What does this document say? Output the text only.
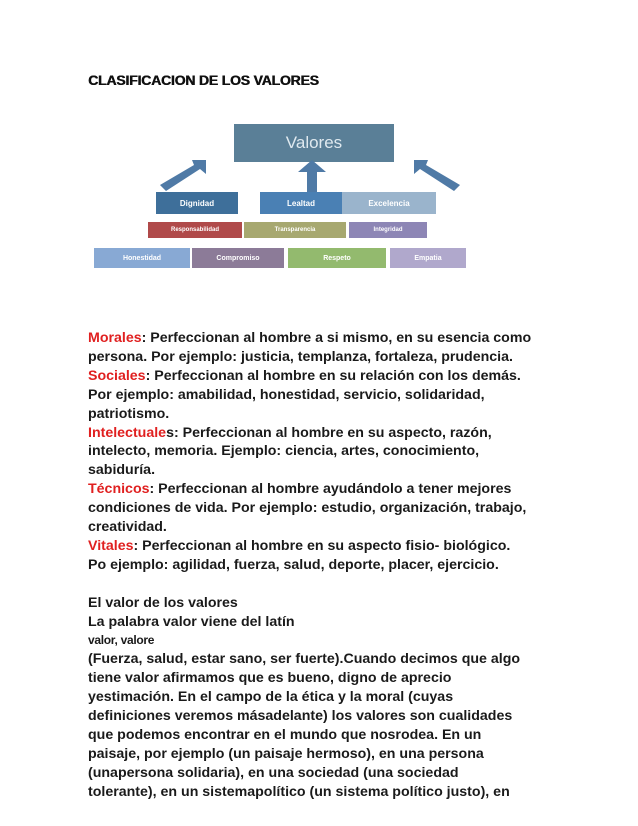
CLASIFICACION DE LOS VALORES
Valores
Dignidad	Lealtad	Excelencia
Responsabilidad	Transparencia	Integridad
Honestidad	Compromiso	Respeto	Empatia

Morales: Perfeccionan al hombre a si mismo, en su esencia como

persona. Por ejemplo: justicia, templanza, fortaleza, prudencia.

Sociales: Perfeccionan al hombre en su relación con los demás.

Por ejemplo: amabilidad, honestidad, servicio, solidaridad,

patriotismo.

Intelectuales: Perfeccionan al hombre en su aspecto, razón,

intelecto, memoria. Ejemplo: ciencia, artes, conocimiento,

sabiduría.

Técnicos: Perfeccionan al hombre ayudándolo a tener mejores

condiciones de vida. Por ejemplo: estudio, organización, trabajo,

creatividad.

Vitales: Perfeccionan al hombre en su aspecto fisio- biológico.

Po ejemplo: agilidad, fuerza, salud, deporte, placer, ejercicio.

El valor de los valores

La palabra valor viene del latín

valor, valore

(Fuerza, salud, estar sano, ser fuerte).Cuando decimos que algo

tiene valor afirmamos que es bueno, digno de aprecio

yestimación. En el campo de la ética y la moral (cuyas

definiciones veremos másadelante) los valores son cualidades

que podemos encontrar en el mundo que nosrodea. En un

paisaje, por ejemplo (un paisaje hermoso), en una persona

(unapersona solidaria), en una sociedad (una sociedad

tolerante), en un sistemapolítico (un sistema político justo), en
